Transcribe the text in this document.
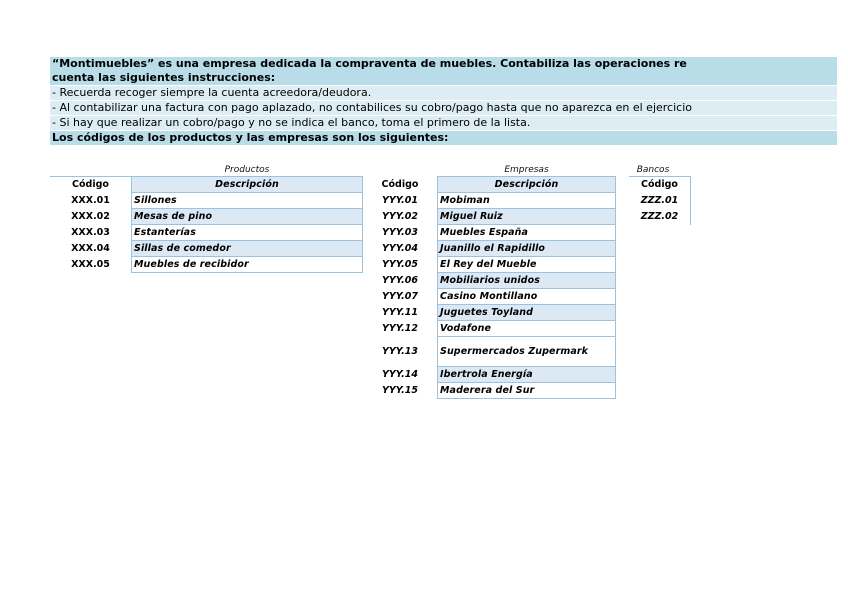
“Montimuebles” es una empresa dedicada la compraventa de muebles. Contabiliza las operaciones re
cuenta las siguientes instrucciones:
- Recuerda recoger siempre la cuenta acreedora/deudora.
- Al contabilizar una factura con pago aplazado, no contabilices su cobro/pago hasta que no aparezca en el ejercicio
- Si hay que realizar un cobro/pago y no se indica el banco, toma el primero de la lista.
Los códigos de los productos y las empresas son los siguientes:
Productos	Empresas	Bancos
Código	Descripción
XXX.01	Sillones
XXX.02	Mesas de pino
XXX.03	Estanterías
XXX.04	Sillas de comedor
XXX.05	Muebles de recibidor
Código	Descripción
YYY.01	Mobiman
YYY.02	Miguel Ruiz
YYY.03	Muebles España
YYY.04	Juanillo el Rapidillo
YYY.05	El Rey del Mueble
YYY.06	Mobiliarios unidos
YYY.07	Casino Montillano
YYY.11	Juguetes Toyland
YYY.12	Vodafone
YYY.13	Supermercados Zupermark
YYY.14	Ibertrola Energía
YYY.15	Maderera del Sur
Código
ZZZ.01
ZZZ.02
